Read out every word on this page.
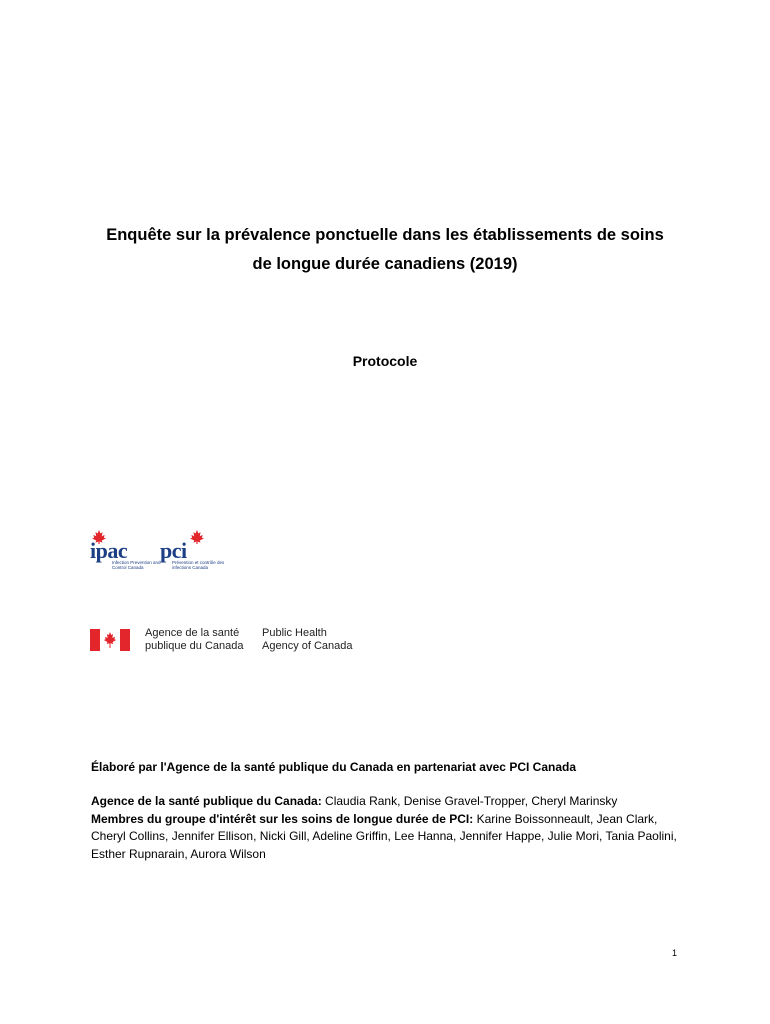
Enquête sur la prévalence ponctuelle dans les établissements de soins
de longue durée canadiens (2019)
Protocole
ipac
Infection Prevention and Control Canada
pci
Prévention et contrôle des infections Canada
Agence de la santé
publique du Canada
Public Health
Agency of Canada
Élaboré par l'Agence de la santé publique du Canada en partenariat avec PCI Canada
Agence de la santé publique du Canada: Claudia Rank, Denise Gravel-Tropper, Cheryl Marinsky
Membres du groupe d'intérêt sur les soins de longue durée de PCI: Karine Boissonneault, Jean Clark, Cheryl Collins, Jennifer Ellison, Nicki Gill, Adeline Griffin, Lee Hanna, Jennifer Happe, Julie Mori, Tania Paolini, Esther Rupnarain, Aurora Wilson
1
